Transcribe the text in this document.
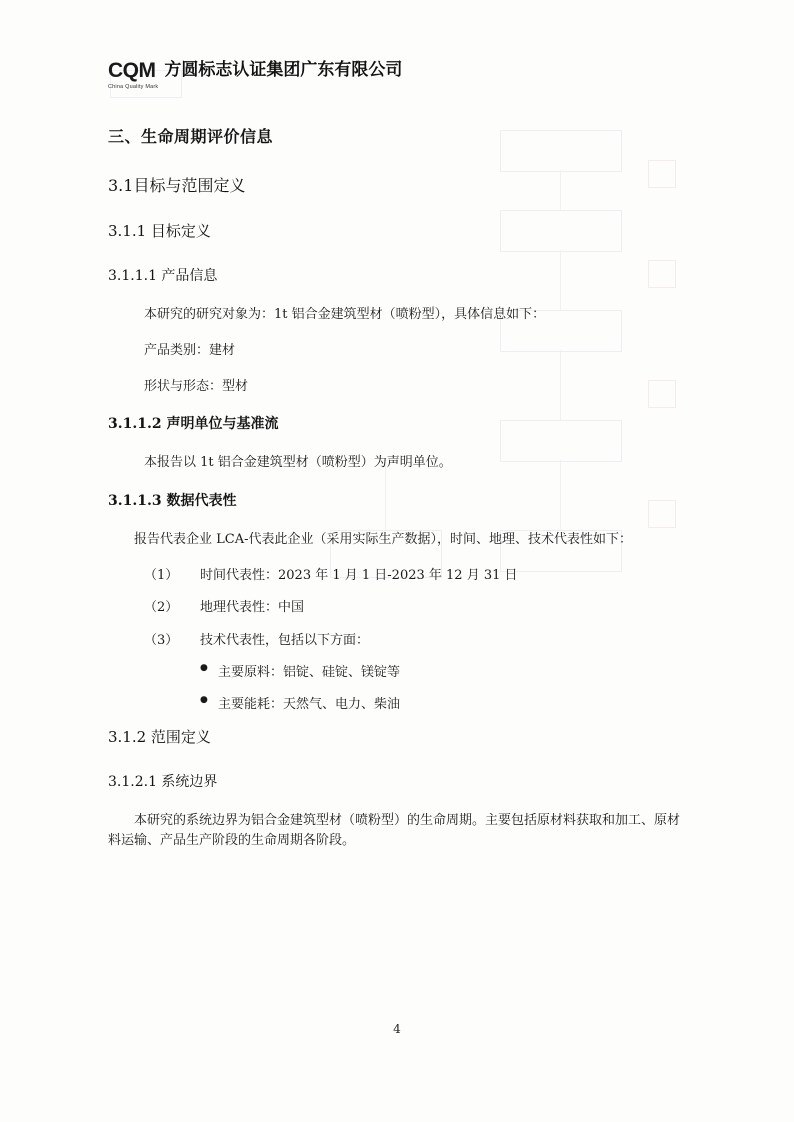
CQM
China Quality Mark
方圆标志认证集团广东有限公司
三、生命周期评价信息
3.1目标与范围定义
3.1.1 目标定义
3.1.1.1 产品信息

本研究的研究对象为：1t 铝合金建筑型材（喷粉型），具体信息如下：

产品类别：建材

形状与形态：型材

3.1.1.2 声明单位与基准流

本报告以 1t 铝合金建筑型材（喷粉型）为声明单位。

3.1.1.3 数据代表性

报告代表企业 LCA-代表此企业（采用实际生产数据），时间、地理、技术代表性如下：

（1）	时间代表性：2023 年 1 月 1 日-2023 年 12 月 31 日
（2）	地理代表性：中国
（3）	技术代表性，包括以下方面：
● 主要原料：铝锭、硅锭、镁锭等
● 主要能耗：天然气、电力、柴油
3.1.2 范围定义
3.1.2.1 系统边界

本研究的系统边界为铝合金建筑型材（喷粉型）的生命周期。主要包括原材料获取和加工、原材料运输、产品生产阶段的生命周期各阶段。

4
